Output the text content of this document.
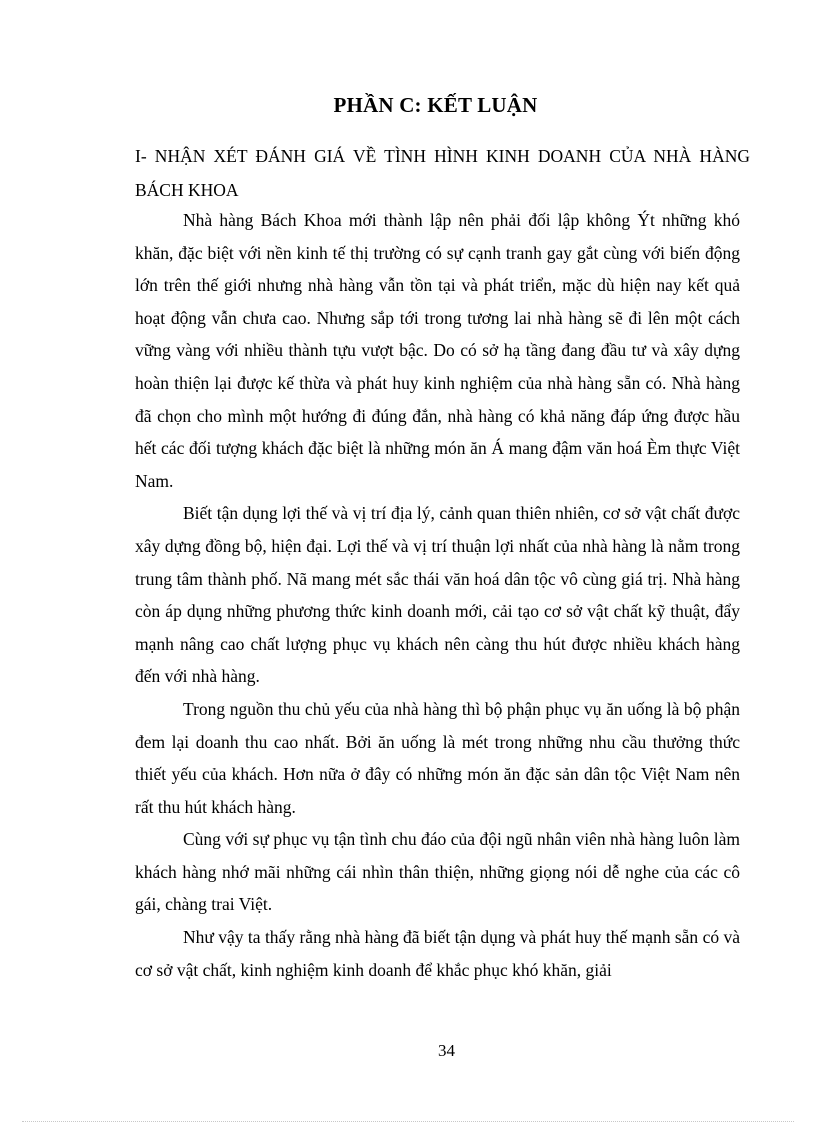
PHẦN C: KẾT LUẬN
I- NHẬN XÉT ĐÁNH GIÁ VỀ TÌNH HÌNH KINH DOANH CỦA NHÀ HÀNG
BÁCH KHOA

Nhà hàng Bách Khoa mới thành lập nên phải đối lập không Ýt những khó khăn, đặc biệt với nền kinh tế thị trường có sự cạnh tranh gay gắt cùng với biến động lớn trên thế giới nhưng nhà hàng vẫn tồn tại và phát triển, mặc dù hiện nay kết quả hoạt động vẫn chưa cao. Nhưng sắp tới trong tương lai nhà hàng sẽ đi lên một cách vững vàng với nhiều thành tựu vượt bậc. Do có sở hạ tầng đang đầu tư và xây dựng hoàn thiện lại được kế thừa và phát huy kinh nghiệm của nhà hàng sẵn có. Nhà hàng đã chọn cho mình một hướng đi đúng đắn, nhà hàng có khả năng đáp ứng được hầu hết các đối tượng khách đặc biệt là những món ăn Á mang đậm văn hoá Èm thực Việt Nam.

Biết tận dụng lợi thế và vị trí địa lý, cảnh quan thiên nhiên, cơ sở vật chất được xây dựng đồng bộ, hiện đại. Lợi thế và vị trí thuận lợi nhất của nhà hàng là nằm trong trung tâm thành phố. Nã mang mét sắc thái văn hoá dân tộc vô cùng giá trị. Nhà hàng còn áp dụng những phương thức kinh doanh mới, cải tạo cơ sở vật chất kỹ thuật, đẩy mạnh nâng cao chất lượng phục vụ khách nên càng thu hút được nhiều khách hàng đến với nhà hàng.

Trong nguồn thu chủ yếu của nhà hàng thì bộ phận phục vụ ăn uống là bộ phận đem lại doanh thu cao nhất. Bởi ăn uống là mét trong những nhu cầu thưởng thức thiết yếu của khách. Hơn nữa ở đây có những món ăn đặc sản dân tộc Việt Nam nên rất thu hút khách hàng.

Cùng với sự phục vụ tận tình chu đáo của đội ngũ nhân viên nhà hàng luôn làm khách hàng nhớ mãi những cái nhìn thân thiện, những giọng nói dễ nghe của các cô gái, chàng trai Việt.

Như vậy ta thấy rằng nhà hàng đã biết tận dụng và phát huy thế mạnh sẵn có và cơ sở vật chất, kinh nghiệm kinh doanh để khắc phục khó khăn, giải

34
